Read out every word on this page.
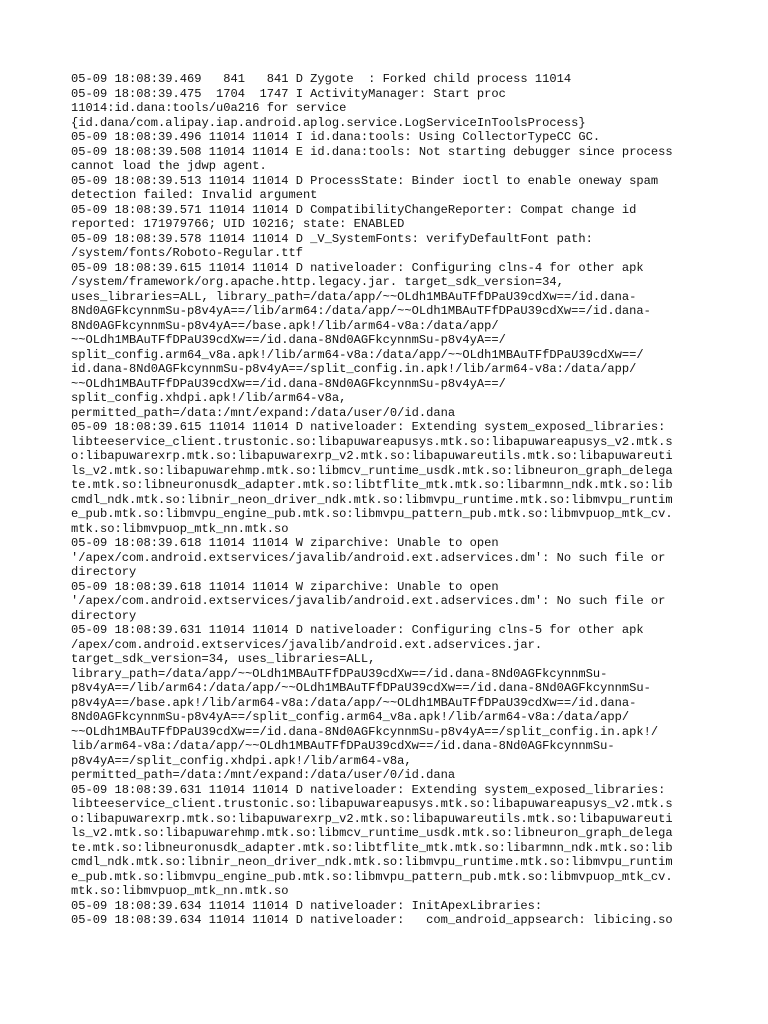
05-09 18:08:39.469   841   841 D Zygote  : Forked child process 11014
05-09 18:08:39.475  1704  1747 I ActivityManager: Start proc
11014:id.dana:tools/u0a216 for service
{id.dana/com.alipay.iap.android.aplog.service.LogServiceInToolsProcess}
05-09 18:08:39.496 11014 11014 I id.dana:tools: Using CollectorTypeCC GC.
05-09 18:08:39.508 11014 11014 E id.dana:tools: Not starting debugger since process
cannot load the jdwp agent.
05-09 18:08:39.513 11014 11014 D ProcessState: Binder ioctl to enable oneway spam
detection failed: Invalid argument
05-09 18:08:39.571 11014 11014 D CompatibilityChangeReporter: Compat change id
reported: 171979766; UID 10216; state: ENABLED
05-09 18:08:39.578 11014 11014 D _V_SystemFonts: verifyDefaultFont path:
/system/fonts/Roboto-Regular.ttf
05-09 18:08:39.615 11014 11014 D nativeloader: Configuring clns-4 for other apk
/system/framework/org.apache.http.legacy.jar. target_sdk_version=34,
uses_libraries=ALL, library_path=/data/app/~~OLdh1MBAuTFfDPaU39cdXw==/id.dana-
8Nd0AGFkcynnmSu-p8v4yA==/lib/arm64:/data/app/~~OLdh1MBAuTFfDPaU39cdXw==/id.dana-
8Nd0AGFkcynnmSu-p8v4yA==/base.apk!/lib/arm64-v8a:/data/app/
~~OLdh1MBAuTFfDPaU39cdXw==/id.dana-8Nd0AGFkcynnmSu-p8v4yA==/
split_config.arm64_v8a.apk!/lib/arm64-v8a:/data/app/~~OLdh1MBAuTFfDPaU39cdXw==/
id.dana-8Nd0AGFkcynnmSu-p8v4yA==/split_config.in.apk!/lib/arm64-v8a:/data/app/
~~OLdh1MBAuTFfDPaU39cdXw==/id.dana-8Nd0AGFkcynnmSu-p8v4yA==/
split_config.xhdpi.apk!/lib/arm64-v8a,
permitted_path=/data:/mnt/expand:/data/user/0/id.dana
05-09 18:08:39.615 11014 11014 D nativeloader: Extending system_exposed_libraries:
libteeservice_client.trustonic.so:libapuwareapusys.mtk.so:libapuwareapusys_v2.mtk.s
o:libapuwarexrp.mtk.so:libapuwarexrp_v2.mtk.so:libapuwareutils.mtk.so:libapuwareuti
ls_v2.mtk.so:libapuwarehmp.mtk.so:libmcv_runtime_usdk.mtk.so:libneuron_graph_delega
te.mtk.so:libneuronusdk_adapter.mtk.so:libtflite_mtk.mtk.so:libarmnn_ndk.mtk.so:lib
cmdl_ndk.mtk.so:libnir_neon_driver_ndk.mtk.so:libmvpu_runtime.mtk.so:libmvpu_runtim
e_pub.mtk.so:libmvpu_engine_pub.mtk.so:libmvpu_pattern_pub.mtk.so:libmvpuop_mtk_cv.
mtk.so:libmvpuop_mtk_nn.mtk.so
05-09 18:08:39.618 11014 11014 W ziparchive: Unable to open
'/apex/com.android.extservices/javalib/android.ext.adservices.dm': No such file or
directory
05-09 18:08:39.618 11014 11014 W ziparchive: Unable to open
'/apex/com.android.extservices/javalib/android.ext.adservices.dm': No such file or
directory
05-09 18:08:39.631 11014 11014 D nativeloader: Configuring clns-5 for other apk
/apex/com.android.extservices/javalib/android.ext.adservices.jar.
target_sdk_version=34, uses_libraries=ALL,
library_path=/data/app/~~OLdh1MBAuTFfDPaU39cdXw==/id.dana-8Nd0AGFkcynnmSu-
p8v4yA==/lib/arm64:/data/app/~~OLdh1MBAuTFfDPaU39cdXw==/id.dana-8Nd0AGFkcynnmSu-
p8v4yA==/base.apk!/lib/arm64-v8a:/data/app/~~OLdh1MBAuTFfDPaU39cdXw==/id.dana-
8Nd0AGFkcynnmSu-p8v4yA==/split_config.arm64_v8a.apk!/lib/arm64-v8a:/data/app/
~~OLdh1MBAuTFfDPaU39cdXw==/id.dana-8Nd0AGFkcynnmSu-p8v4yA==/split_config.in.apk!/
lib/arm64-v8a:/data/app/~~OLdh1MBAuTFfDPaU39cdXw==/id.dana-8Nd0AGFkcynnmSu-
p8v4yA==/split_config.xhdpi.apk!/lib/arm64-v8a,
permitted_path=/data:/mnt/expand:/data/user/0/id.dana
05-09 18:08:39.631 11014 11014 D nativeloader: Extending system_exposed_libraries:
libteeservice_client.trustonic.so:libapuwareapusys.mtk.so:libapuwareapusys_v2.mtk.s
o:libapuwarexrp.mtk.so:libapuwarexrp_v2.mtk.so:libapuwareutils.mtk.so:libapuwareuti
ls_v2.mtk.so:libapuwarehmp.mtk.so:libmcv_runtime_usdk.mtk.so:libneuron_graph_delega
te.mtk.so:libneuronusdk_adapter.mtk.so:libtflite_mtk.mtk.so:libarmnn_ndk.mtk.so:lib
cmdl_ndk.mtk.so:libnir_neon_driver_ndk.mtk.so:libmvpu_runtime.mtk.so:libmvpu_runtim
e_pub.mtk.so:libmvpu_engine_pub.mtk.so:libmvpu_pattern_pub.mtk.so:libmvpuop_mtk_cv.
mtk.so:libmvpuop_mtk_nn.mtk.so
05-09 18:08:39.634 11014 11014 D nativeloader: InitApexLibraries:
05-09 18:08:39.634 11014 11014 D nativeloader:   com_android_appsearch: libicing.so
